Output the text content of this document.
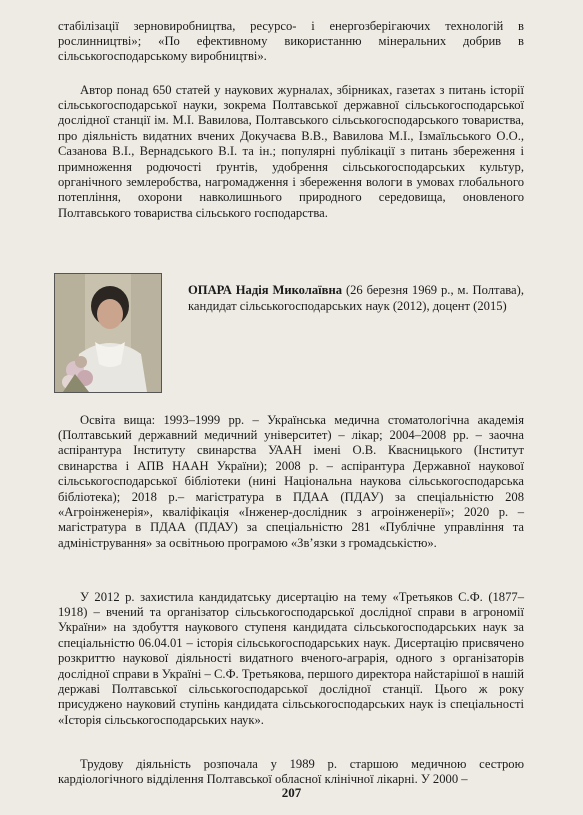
стабілізації зерновиробництва, ресурсо- і енергозберігаючих технологій в рослинництві»; «По ефективному використанню мінеральних добрив в сільськогосподарському виробництві».

Автор понад 650 статей у наукових журналах, збірниках, газетах з питань історії сільськогосподарської науки, зокрема Полтавської державної сільськогосподарської дослідної станції ім. М.І. Вавилова, Полтавського сільськогосподарського товариства, про діяльність видатних вчених Докучаєва В.В., Вавилова М.І., Ізмаїльського О.О., Сазанова В.І., Вернадського В.І. та ін.; популярні публікації з питань збереження і примноження родючості ґрунтів, удобрення сільськогосподарських культур, органічного землеробства, нагромадження і збереження вологи в умовах глобального потепління, охорони навколишнього природного середовища, оновленого Полтавського товариства сільського господарства.

ОПАРА Надія Миколаївна (26 березня 1969 р., м. Полтава), кандидат сільськогосподарських наук (2012), доцент (2015)

Освіта вища: 1993–1999 рр. – Українська медична стоматологічна академія (Полтавський державний медичний університет) – лікар; 2004–2008 рр. – заочна аспірантура Інституту свинарства УААН імені О.В. Квасницького (Інститут свинарства і АПВ НААН України); 2008 р. – аспірантура Державної наукової сільськогосподарської бібліотеки (нині Національна наукова сільськогосподарська бібліотека); 2018 р.– магістратура в ПДАА (ПДАУ) за спеціальністю 208 «Агроінженерія», кваліфікація «Інженер-дослідник з агроінженерії»; 2020 р. – магістратура в ПДАА (ПДАУ) за спеціальністю 281 «Публічне управління та адміністрування» за освітньою програмою «Зв’язки з громадськістю».

У 2012 р. захистила кандидатську дисертацію на тему «Третьяков С.Ф. (1877–1918) – вчений та організатор сільськогосподарської дослідної справи в агрономії України» на здобуття наукового ступеня кандидата сільськогосподарських наук за спеціальністю 06.04.01 – історія сільськогосподарських наук. Дисертацію присвячено розкриттю наукової діяльності видатного вченого-аграрія, одного з організаторів дослідної справи в Україні – С.Ф. Третьякова, першого директора найстарішої в нашій державі Полтавської сільськогосподарської дослідної станції. Цього ж року присуджено науковий ступінь кандидата сільськогосподарських наук із спеціальності «Історія сільськогосподарських наук».

Трудову діяльність розпочала у 1989 р. старшою медичною сестрою кардіологічного відділення Полтавської обласної клінічної лікарні. У 2000 –

207
